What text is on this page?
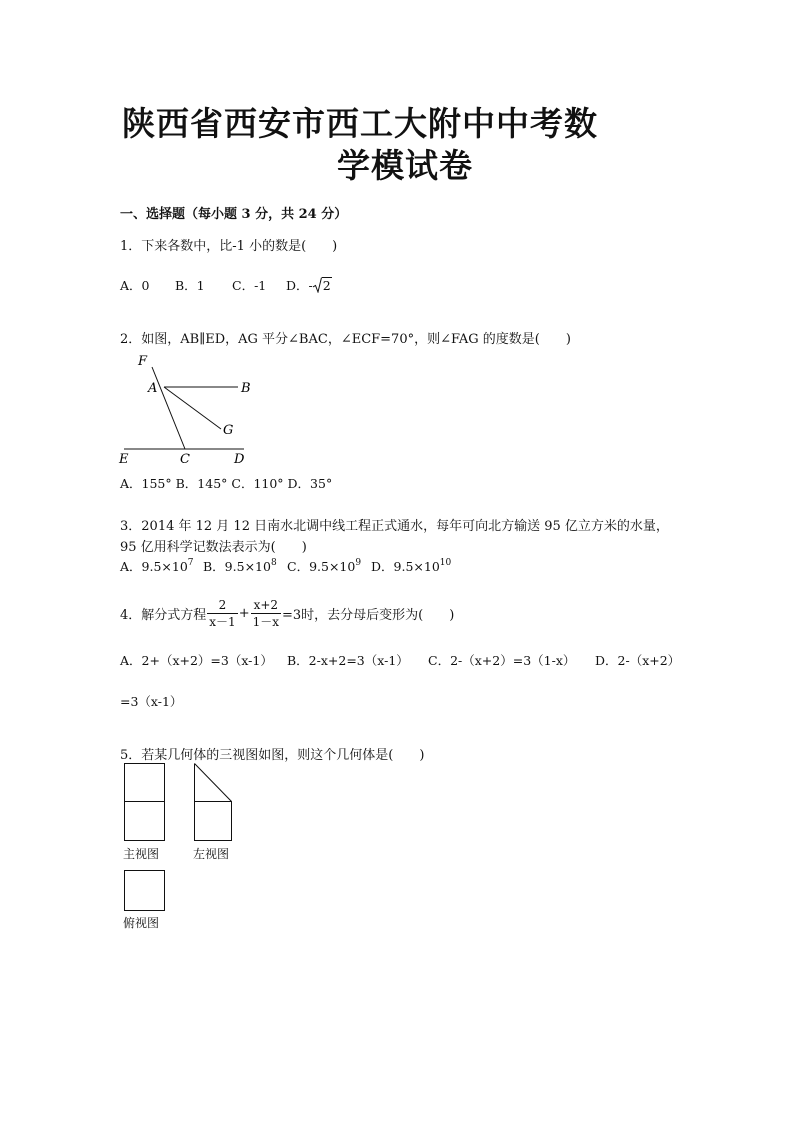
陕西省西安市西工大附中中考数
学模试卷
一、选择题（每小题 3 分，共 24 分）
1．下来各数中，比-1 小的数是(　　)
A．0 B．1 C．-1 D．- 2
2．如图，AB∥ED，AG 平分∠BAC，∠ECF=70°，则∠FAG 的度数是(　　)
F
A	B
G
E	C	D
A．155° B．145° C．110° D．35°
3．2014 年 12 月 12 日南水北调中线工程正式通水，每年可向北方输送 95 亿立方米的水量，
95 亿用科学记数法表示为(　　)
A．$9.5\times 10^7$ B．$9.5\times 10^8$ C．$9.5\times 10^9$ D．$9.5\times 10^{10}$
4．解分式方程 $\frac{2}{x-1} + \frac{x+2}{1-x} =3$时，去分母后变形为(　　)
A．2+（x+2）=3（x-1） B．2-x+2=3（x-1） C．2-（x+2）=3（1-x） D．2-（x+2）
=3（x-1）
5．若某几何体的三视图如图，则这个几何体是(　　)
主视图	左视图
俯视图
